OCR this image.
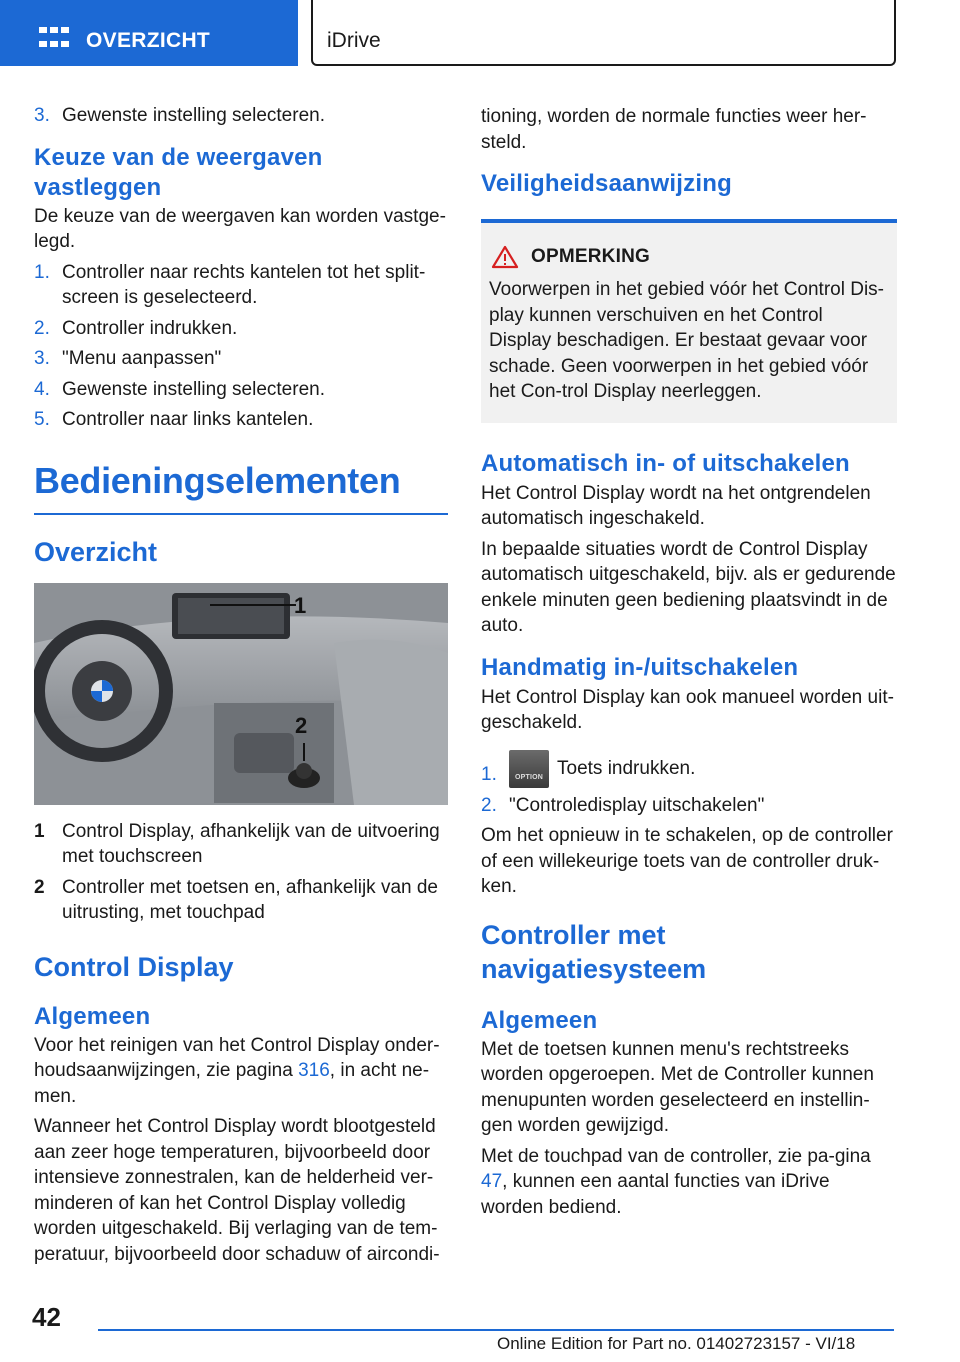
OVERZICHT	iDrive
3. Gewenste instelling selecteren.
Keuze van de weergaven vastleggen
De keuze van de weergaven kan worden vastge‐legd.
1. Controller naar rechts kantelen tot het split‐screen is geselecteerd.
2. Controller indrukken.
3. "Menu aanpassen"
4. Gewenste instelling selecteren.
5. Controller naar links kantelen.
Bedieningselementen
Overzicht
1
2
1 Control Display, afhankelijk van de uitvoering met touchscreen
2 Controller met toetsen en, afhankelijk van de uitrusting, met touchpad
Control Display
Algemeen
Voor het reinigen van het Control Display onder‐houdsaanwijzingen, zie pagina 316, in acht ne‐men.
Wanneer het Control Display wordt blootgesteld aan zeer hoge temperaturen, bijvoorbeeld door intensieve zonnestralen, kan de helderheid ver‐minderen of kan het Control Display volledig worden uitgeschakeld. Bij verlaging van de tem‐peratuur, bijvoorbeeld door schaduw of aircondi‐
tioning, worden de normale functies weer her‐steld.
Veiligheidsaanwijzing
OPMERKING
Voorwerpen in het gebied vóór het Control Dis‐play kunnen verschuiven en het Control Display beschadigen. Er bestaat gevaar voor schade. Geen voorwerpen in het gebied vóór het Con‐trol Display neerleggen.
Automatisch in- of uitschakelen
Het Control Display wordt na het ontgrendelen automatisch ingeschakeld.
In bepaalde situaties wordt de Control Display automatisch uitgeschakeld, bijv. als er gedurende enkele minuten geen bediening plaatsvindt in de auto.
Handmatig in-/uitschakelen
Het Control Display kan ook manueel worden uit‐geschakeld.
1.	OPTION Toets indrukken.
2. "Controledisplay uitschakelen"
Om het opnieuw in te schakelen, op de controller of een willekeurige toets van de controller druk‐ken.
Controller met navigatiesysteem
Algemeen
Met de toetsen kunnen menu's rechtstreeks worden opgeroepen. Met de Controller kunnen menupunten worden geselecteerd en instellin‐gen worden gewijzigd.
Met de touchpad van de controller, zie pa‐gina 47, kunnen een aantal functies van iDrive worden bediend.
42
Online Edition for Part no. 01402723157 - VI/18
